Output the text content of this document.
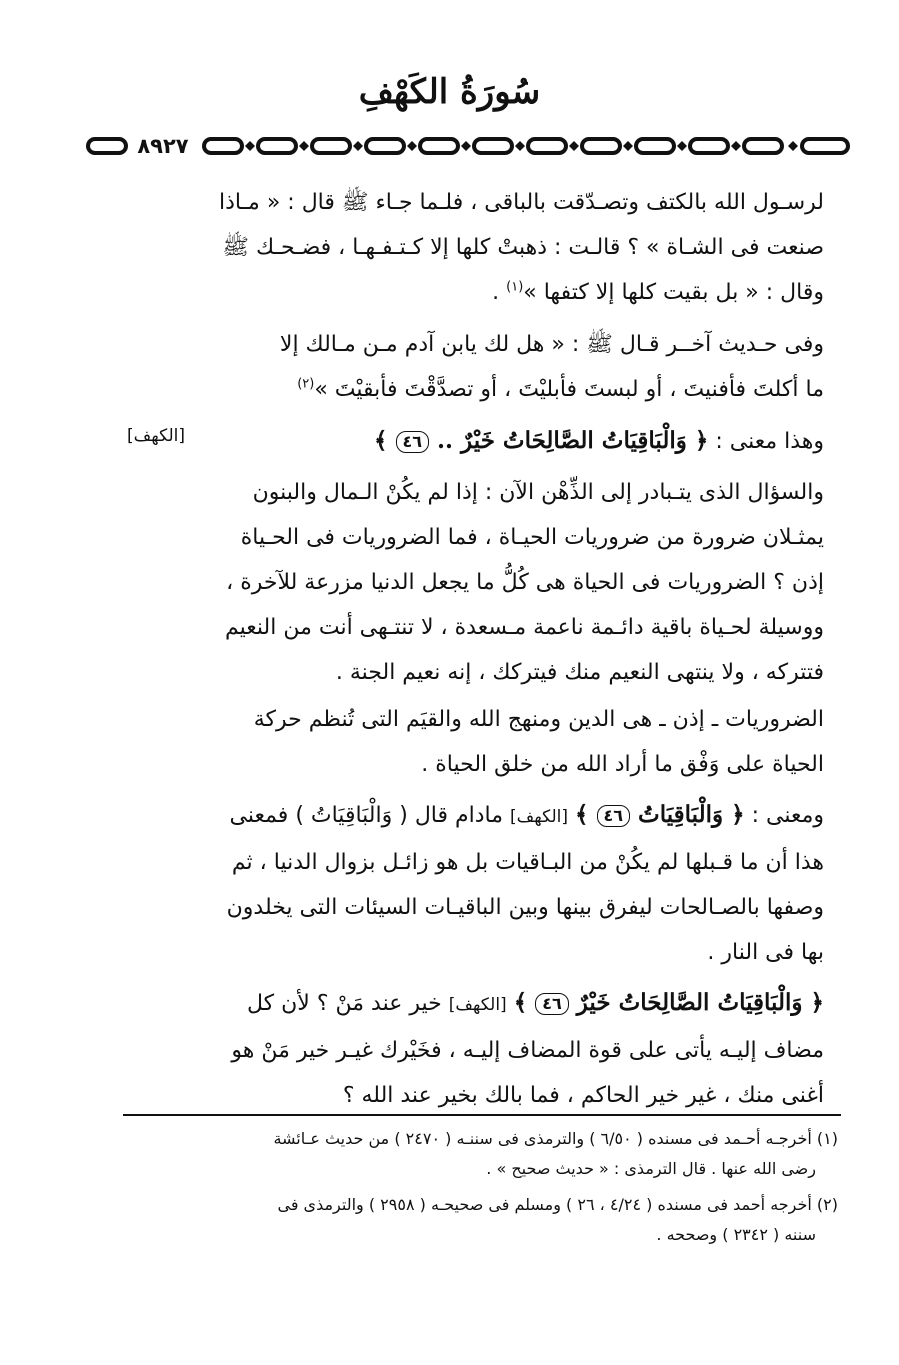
سُورَةُ الكَهْفِ
٨٩٢٧

لرسـول الله بالكتف وتصـدّقت بالباقى ، فلـما جـاء ﷺ قال : « مـاذا

صنعت فى الشـاة » ؟ قالـت : ذهبتْ كلها إلا كـتـفـهـا ، فضـحـك ﷺ

وقال : « بل بقيت كلها إلا كتفها »$^{(١)}$ .

وفى حـديث آخــر قـال ﷺ : « هل لك يابن آدم مـن مـالك إلا

ما أكلتَ فأفنيتَ ، أو لبستَ فأبليْتَ ، أو تصدَّقْتَ فأبقيْتَ »$^{(٢)}$

وهذا معنى : ﴿ وَالْبَاقِيَاتُ الصَّالِحَاتُ خَيْرٌ .. ٤٦ ﴾

[الكهف]

والسؤال الذى يتـبادر إلى الذِّهْن الآن : إذا لم يكُنْ الـمال والبنون

يمثـلان ضرورة من ضروريات الحيـاة ، فما الضروريات فى الحـياة

إذن ؟ الضروريات فى الحياة هى كُلُّ ما يجعل الدنيا مزرعة للآخرة ،

ووسيلة لحـياة باقية دائـمة ناعمة مـسعدة ، لا تنتـهى أنت من النعيم

فتتركه ، ولا ينتهى النعيم منك فيتركك ، إنه نعيم الجنة .

الضروريات ـ إذن ـ هى الدين ومنهج الله والقيَم التى تُنظم حركة

الحياة على وَفْق ما أراد الله من خلق الحياة .

ومعنى : ﴿ وَالْبَاقِيَاتُ ٤٦ ﴾ [الكهف] مادام قال ( وَالْبَاقِيَاتُ ) فمعنى

هذا أن ما قـبلها لم يكُنْ من البـاقيات بل هو زائـل بزوال الدنيا ، ثم

وصفها بالصـالحات ليفرق بينها وبين الباقيـات السيئات التى يخلدون

بها فى النار .

﴿ وَالْبَاقِيَاتُ الصَّالِحَاتُ خَيْرٌ ٤٦ ﴾ [الكهف] خير عند مَنْ ؟ لأن كل

مضاف إليـه يأتى على قوة المضاف إليـه ، فخَيْرك غيـر خير مَنْ هو

أغنى منك ، غير خير الحاكم ، فما بالك بخير عند الله ؟

(١) أخرجـه أحـمد فى مسنده ( ٦/٥٠ ) والترمذى فى سننـه ( ٢٤٧٠ ) من حديث عـائشة
رضى الله عنها . قال الترمذى : « حديث صحيح » .

(٢) أخرجه أحمد فى مسنده ( ٤/٢٤ ، ٢٦ ) ومسلم فى صحيحـه ( ٢٩٥٨ ) والترمذى فى
سننه ( ٢٣٤٢ ) وصححه .
